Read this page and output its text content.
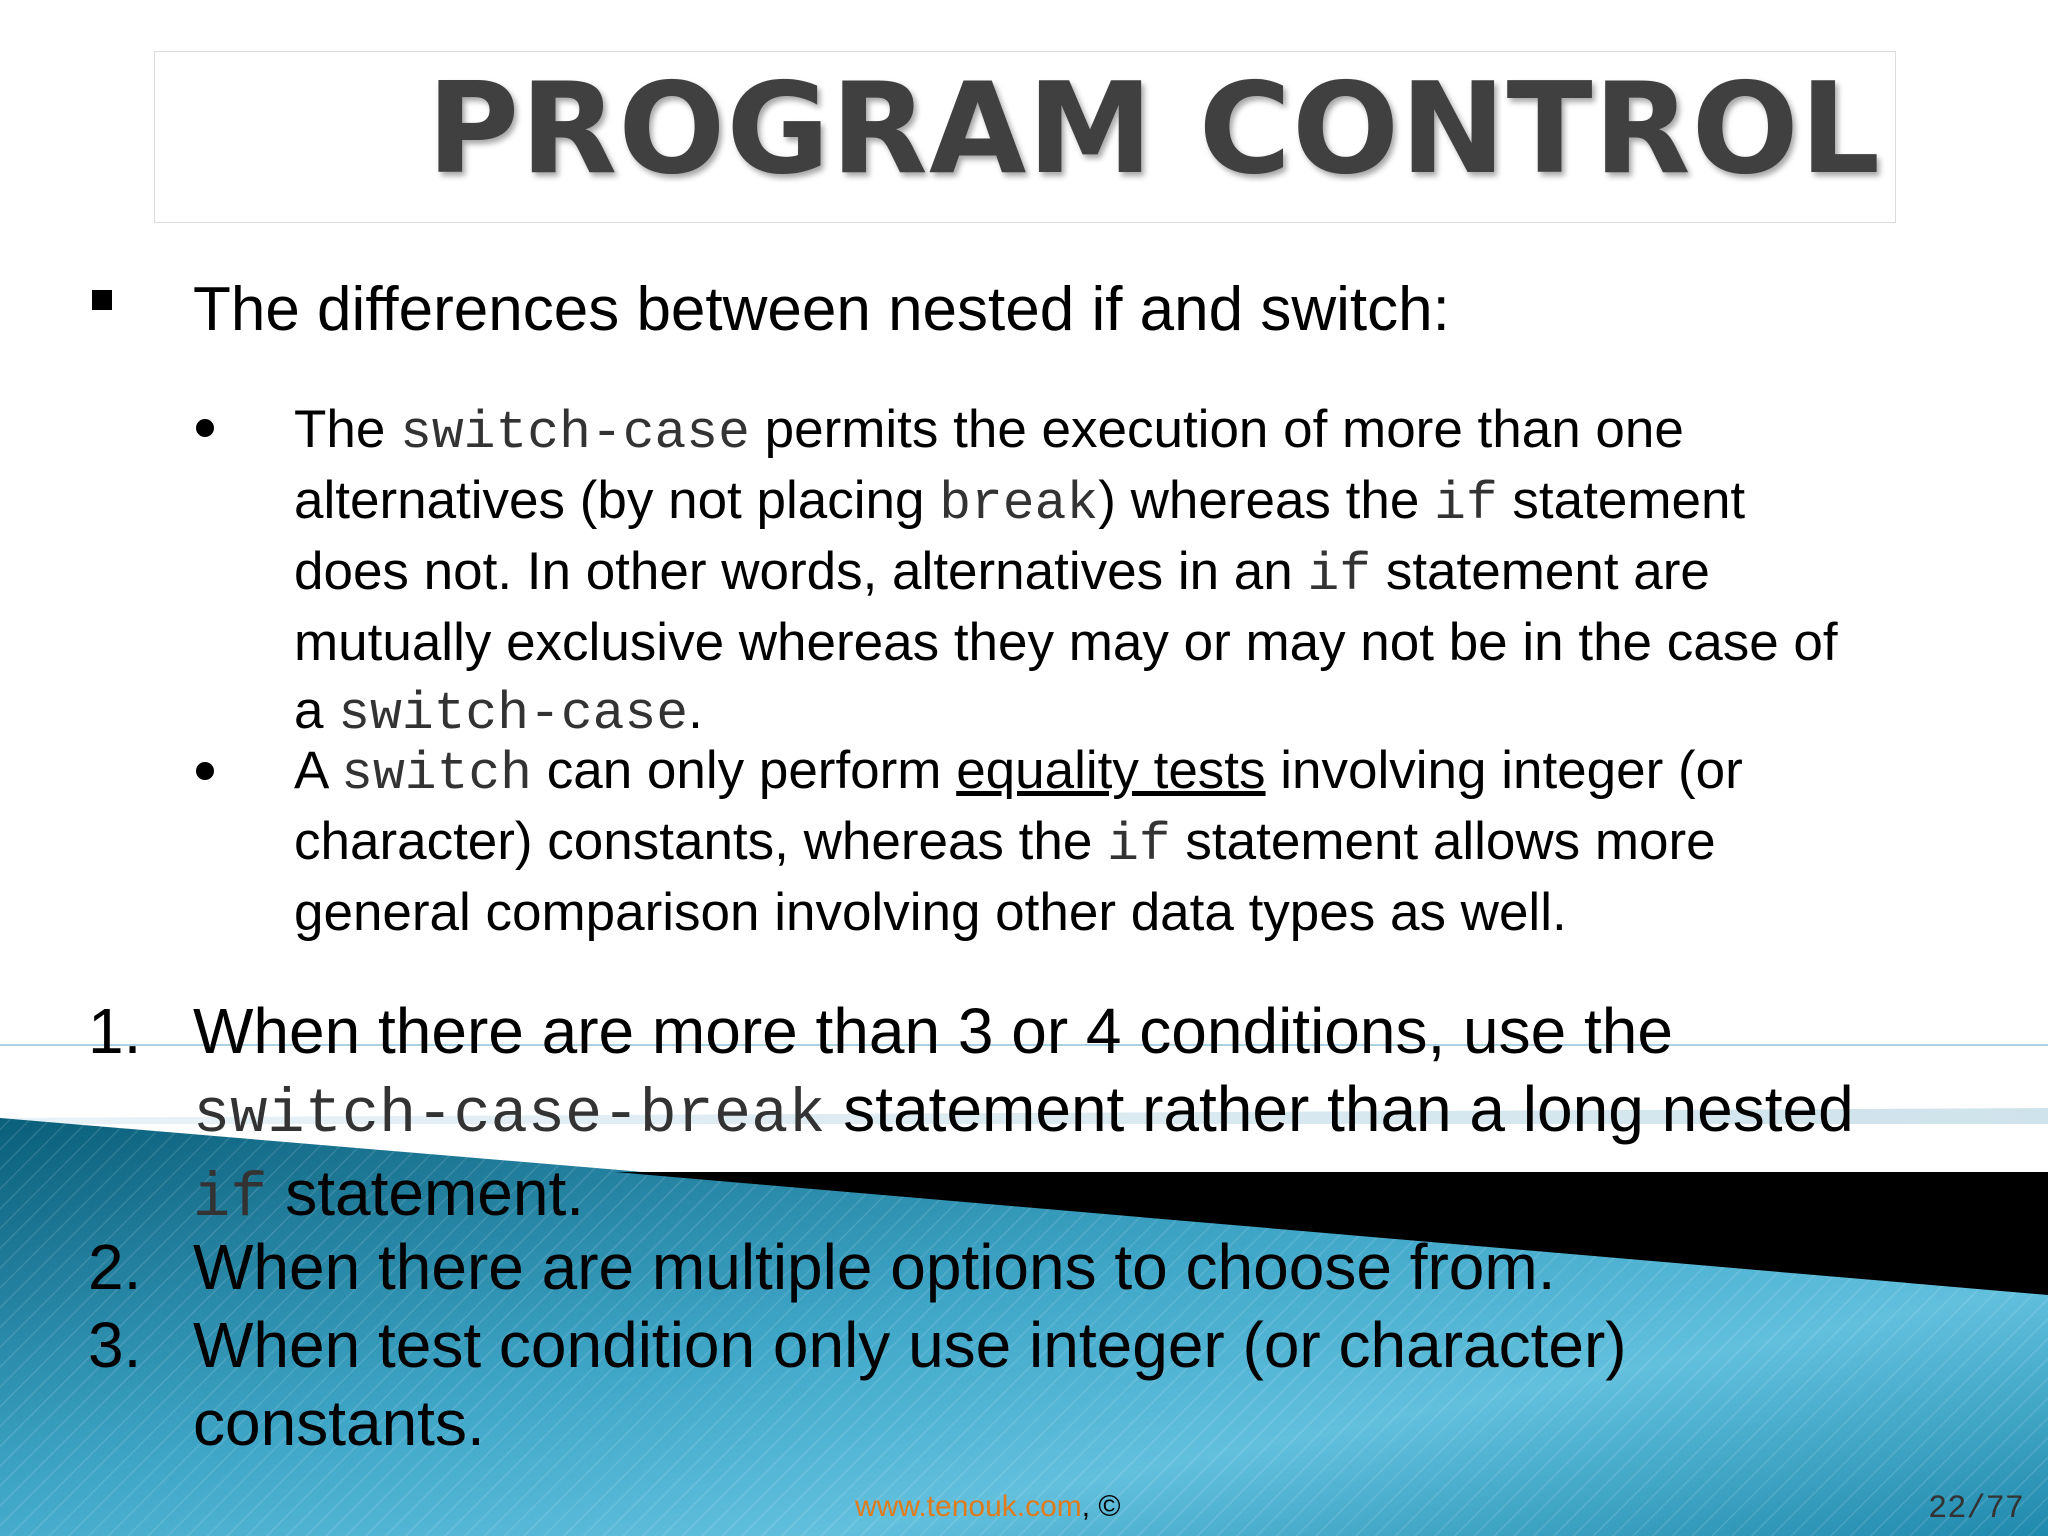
PROGRAM CONTROL
The differences between nested if and switch:
The switch-case permits the execution of more than one
alternatives (by not placing break) whereas the if statement
does not. In other words, alternatives in an if statement are
mutually exclusive whereas they may or may not be in the case of
a switch-case.
A switch can only perform equality tests involving integer (or
character) constants, whereas the if statement allows more
general comparison involving other data types as well.
1. When there are more than 3 or 4 conditions, use the
switch-case-break statement rather than a long nested
if statement.
2. When there are multiple options to choose from.
3. When test condition only use integer (or character)
constants.
www.tenouk.com, ©	22/77
